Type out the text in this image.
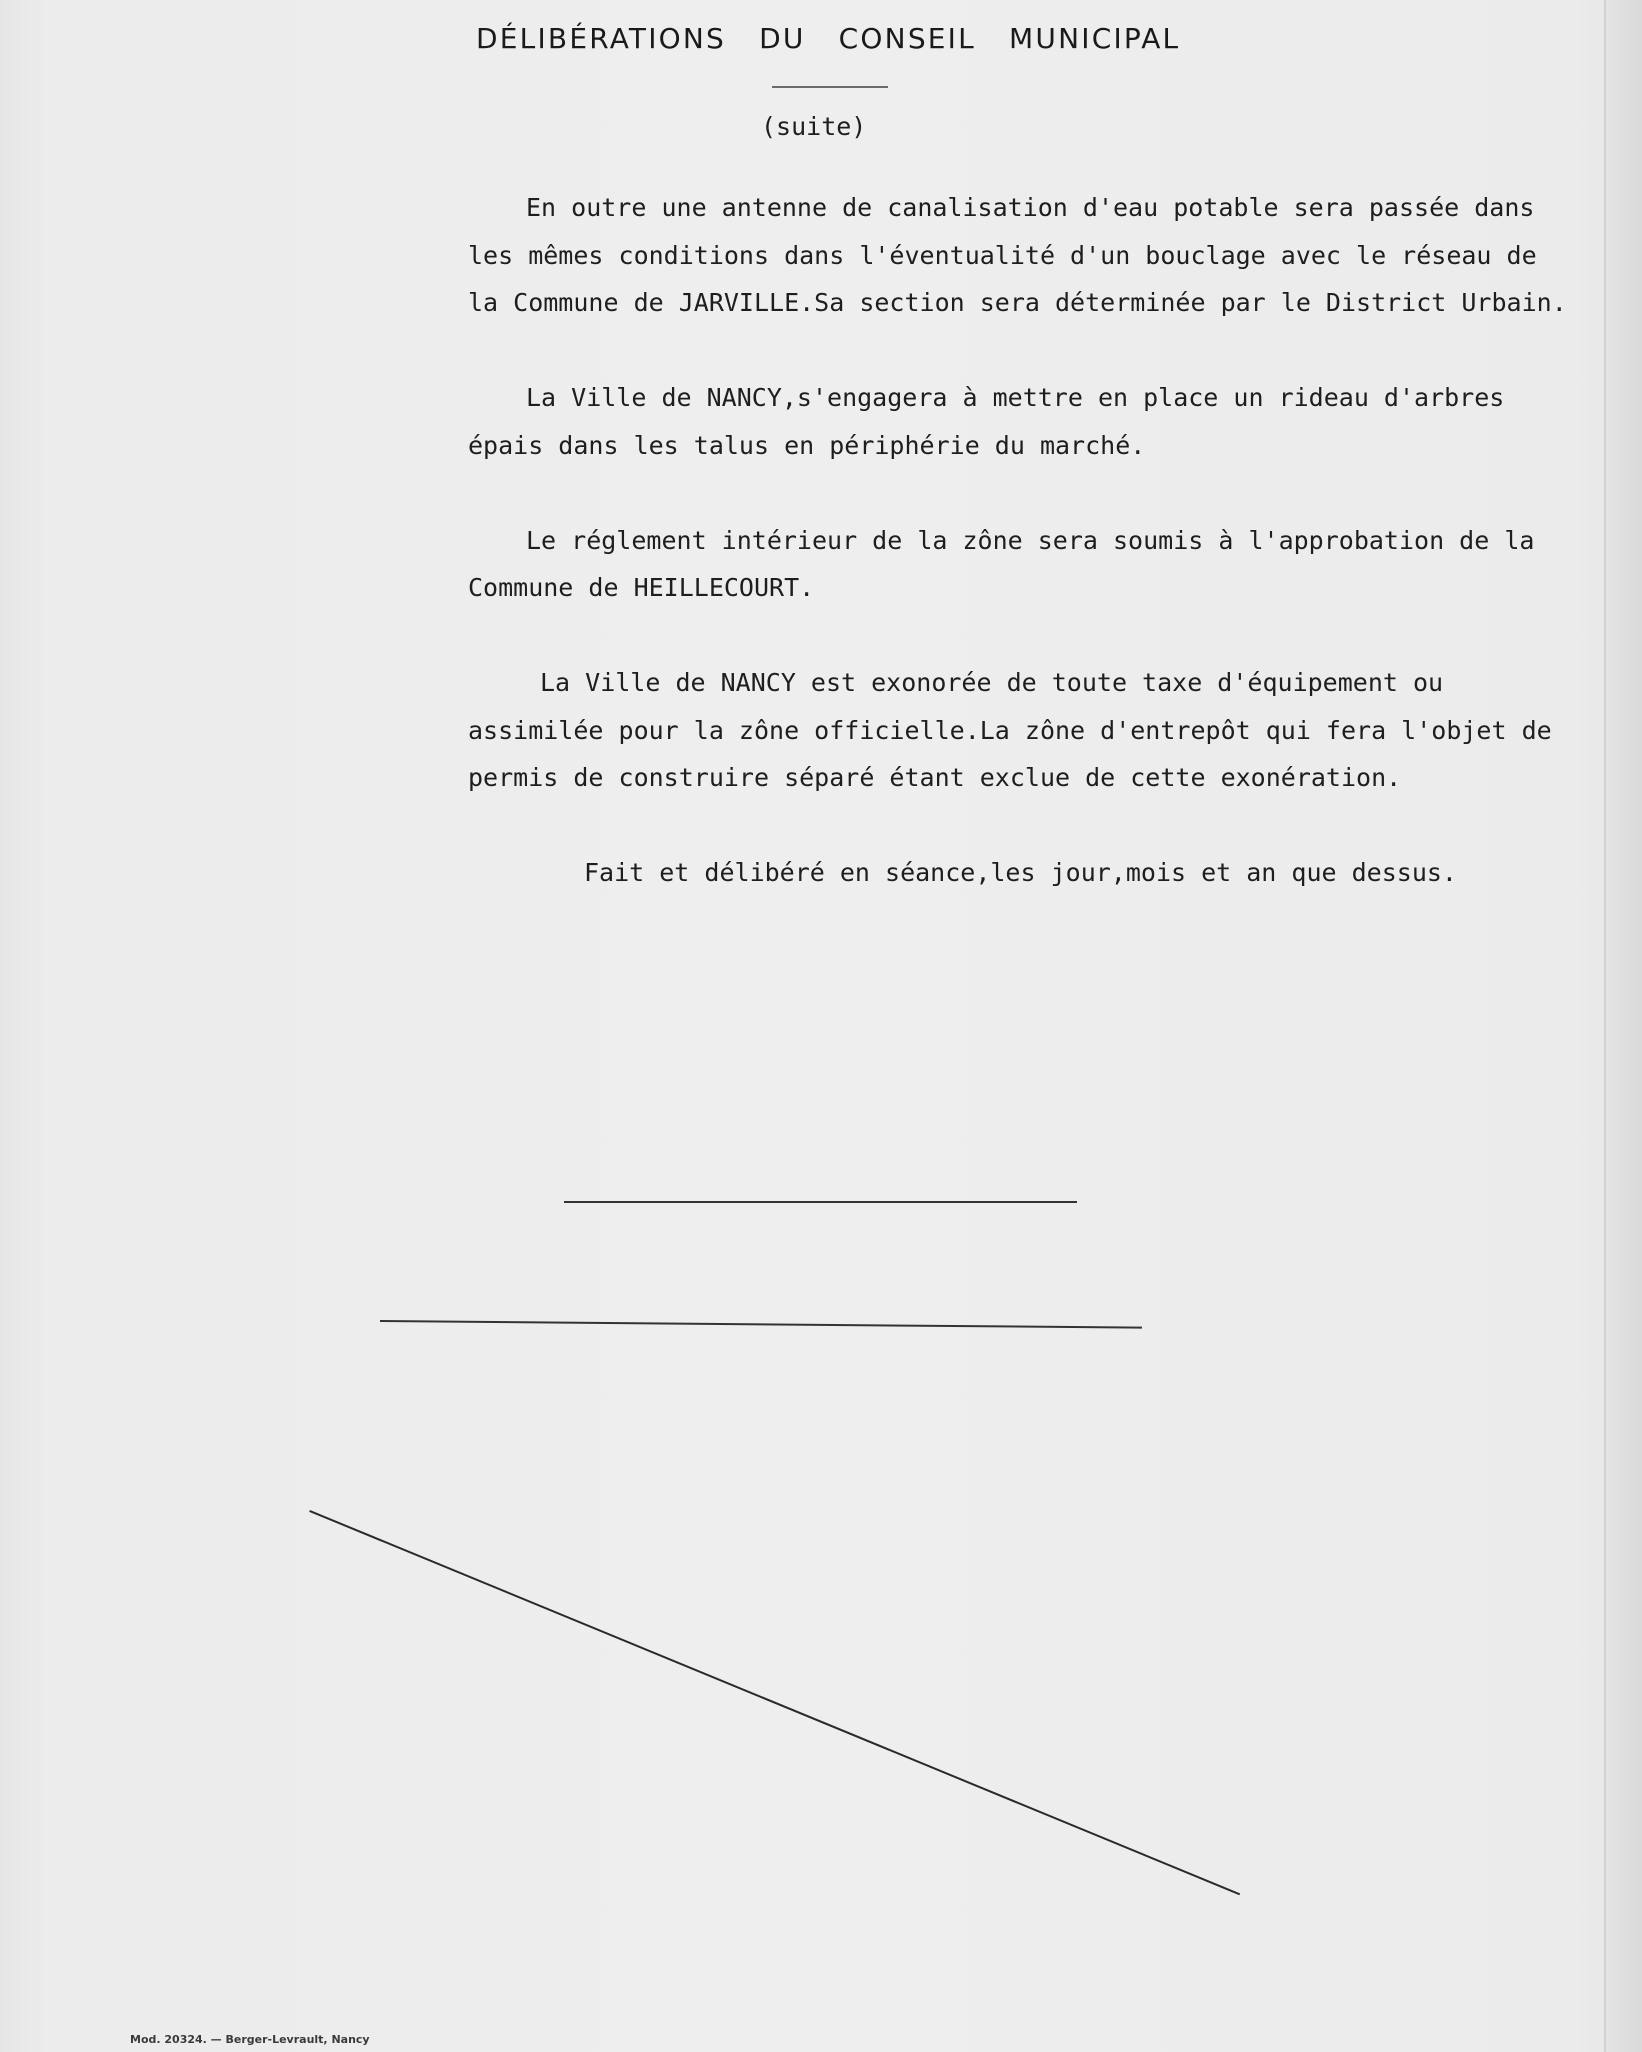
DÉLIBÉRATIONS DU CONSEIL MUNICIPAL
(suite)
En outre une antenne de canalisation d'eau potable sera passée dans
les mêmes conditions dans l'éventualité d'un bouclage avec le réseau de
la Commune de JARVILLE.Sa section sera déterminée par le District Urbain.
La Ville de NANCY,s'engagera à mettre en place un rideau d'arbres
épais dans les talus en périphérie du marché.
Le réglement intérieur de la zône sera soumis à l'approbation de la
Commune de HEILLECOURT.
La Ville de NANCY est exonorée de toute taxe d'équipement ou
assimilée pour la zône officielle.La zône d'entrepôt qui fera l'objet de
permis de construire séparé étant exclue de cette exonération.
Fait et délibéré en séance,les jour,mois et an que dessus.
Mod. 20324. — Berger-Levrault, Nancy
